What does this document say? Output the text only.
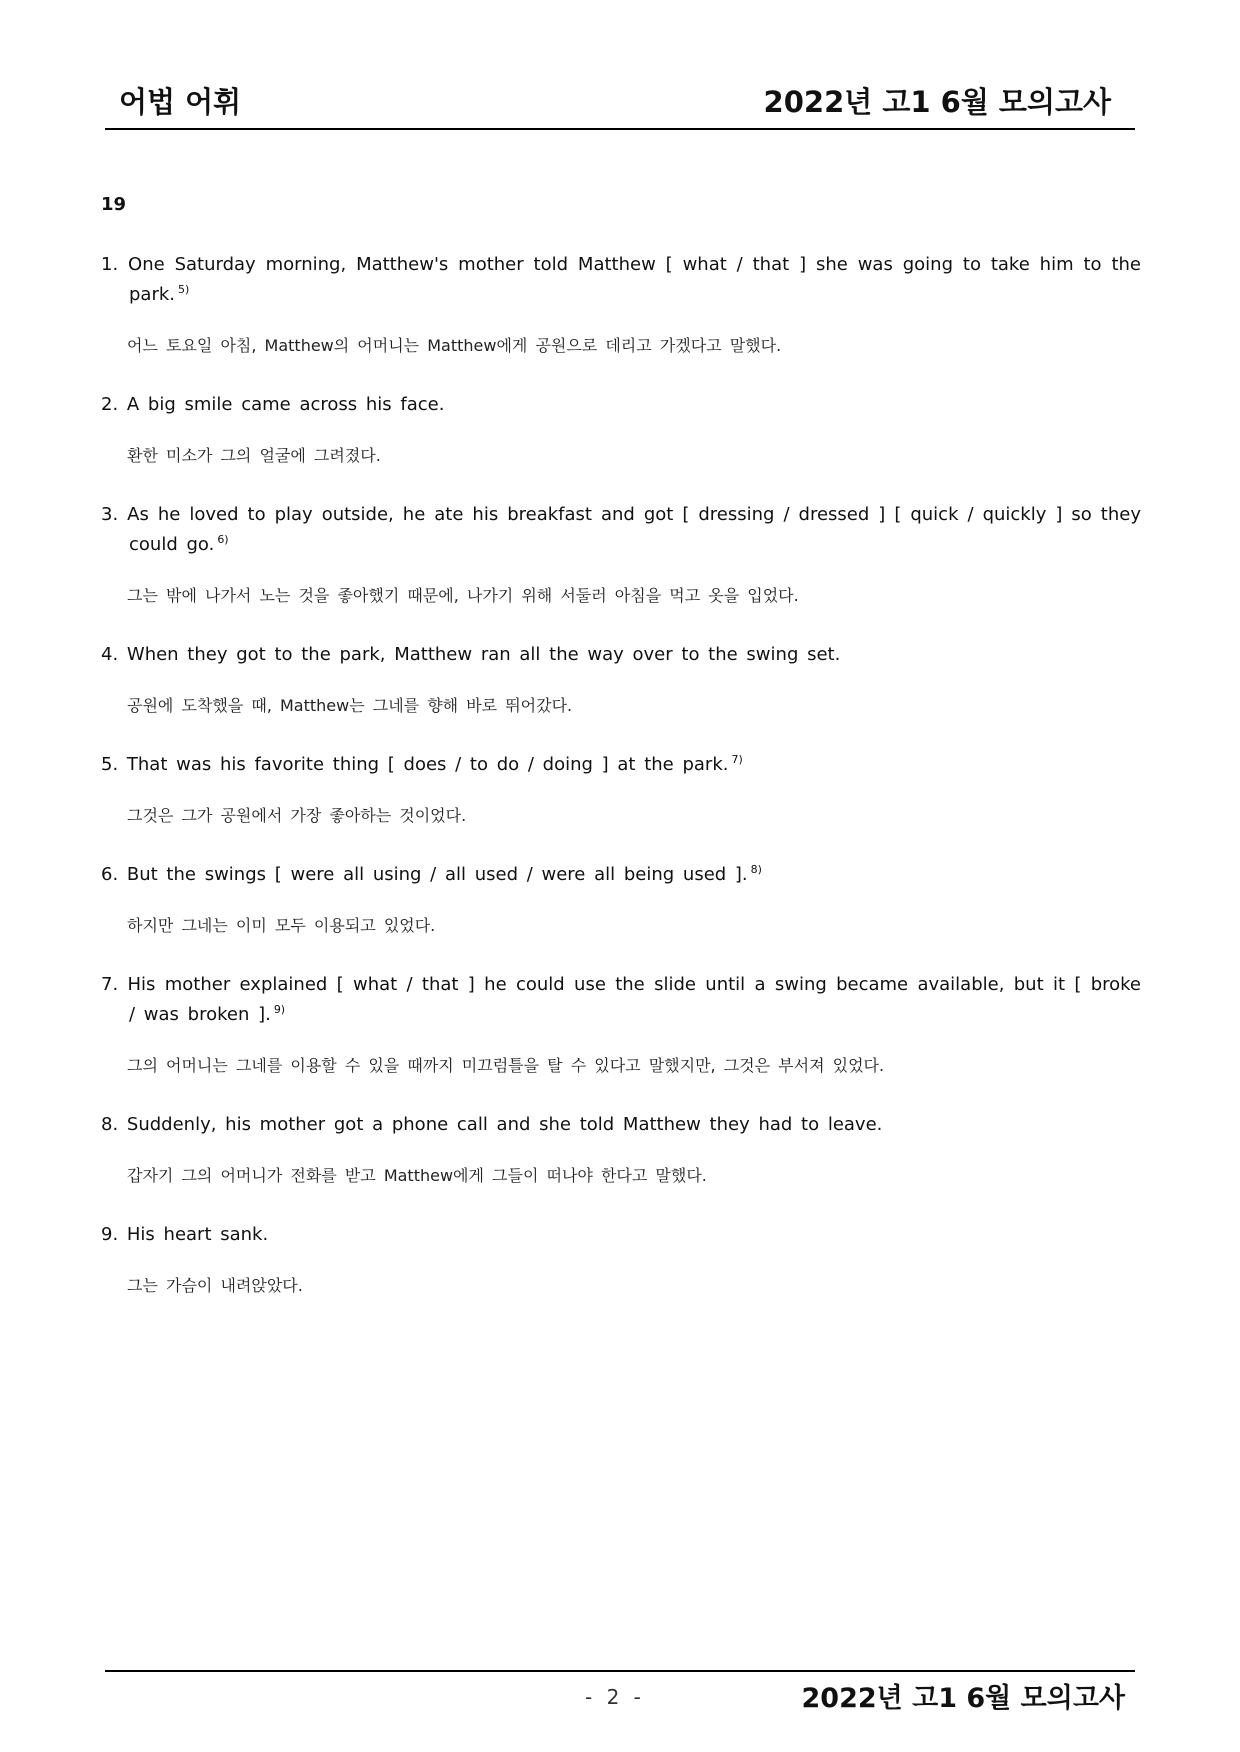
어법 어휘	2022년 고1 6월 모의고사
19
1. One Saturday morning, Matthew's mother told Matthew [ what / that ] she was going to take him to the park. $^{5)}$
어느 토요일 아침, Matthew의 어머니는 Matthew에게 공원으로 데리고 가겠다고 말했다.
2. A big smile came across his face.
환한 미소가 그의 얼굴에 그려졌다.
3. As he loved to play outside, he ate his breakfast and got [ dressing / dressed ] [ quick / quickly ] so they could go. $^{6)}$
그는 밖에 나가서 노는 것을 좋아했기 때문에, 나가기 위해 서둘러 아침을 먹고 옷을 입었다.
4. When they got to the park, Matthew ran all the way over to the swing set.
공원에 도착했을 때, Matthew는 그네를 향해 바로 뛰어갔다.
5. That was his favorite thing [ does / to do / doing ] at the park. $^{7)}$
그것은 그가 공원에서 가장 좋아하는 것이었다.
6. But the swings [ were all using / all used / were all being used ]. $^{8)}$
하지만 그네는 이미 모두 이용되고 있었다.
7. His mother explained [ what / that ] he could use the slide until a swing became available, but it [ broke / was broken ]. $^{9)}$
그의 어머니는 그네를 이용할 수 있을 때까지 미끄럼틀을 탈 수 있다고 말했지만, 그것은 부서져 있었다.
8. Suddenly, his mother got a phone call and she told Matthew they had to leave.
갑자기 그의 어머니가 전화를 받고 Matthew에게 그들이 떠나야 한다고 말했다.
9. His heart sank.
그는 가슴이 내려앉았다.
- 2 -	2022년 고1 6월 모의고사
